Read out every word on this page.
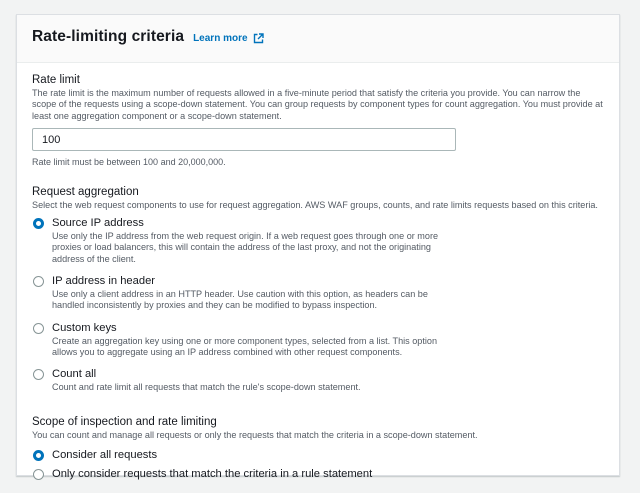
Rate-limiting criteria Learn more
Rate limit
The rate limit is the maximum number of requests allowed in a five-minute period that satisfy the criteria you provide. You can narrow the scope of the requests using a scope-down statement. You can group requests by component types for count aggregation. You must provide at least one aggregation component or a scope-down statement.
100
Rate limit must be between 100 and 20,000,000.
Request aggregation
Select the web request components to use for request aggregation. AWS WAF groups, counts, and rate limits requests based on this criteria.
Source IP address
Use only the IP address from the web request origin. If a web request goes through one or more proxies or load balancers, this will contain the address of the last proxy, and not the originating address of the client.
IP address in header
Use only a client address in an HTTP header. Use caution with this option, as headers can be handled inconsistently by proxies and they can be modified to bypass inspection.
Custom keys
Create an aggregation key using one or more component types, selected from a list. This option allows you to aggregate using an IP address combined with other request components.
Count all
Count and rate limit all requests that match the rule's scope-down statement.
Scope of inspection and rate limiting
You can count and manage all requests or only the requests that match the criteria in a scope-down statement.
Consider all requests
Only consider requests that match the criteria in a rule statement
